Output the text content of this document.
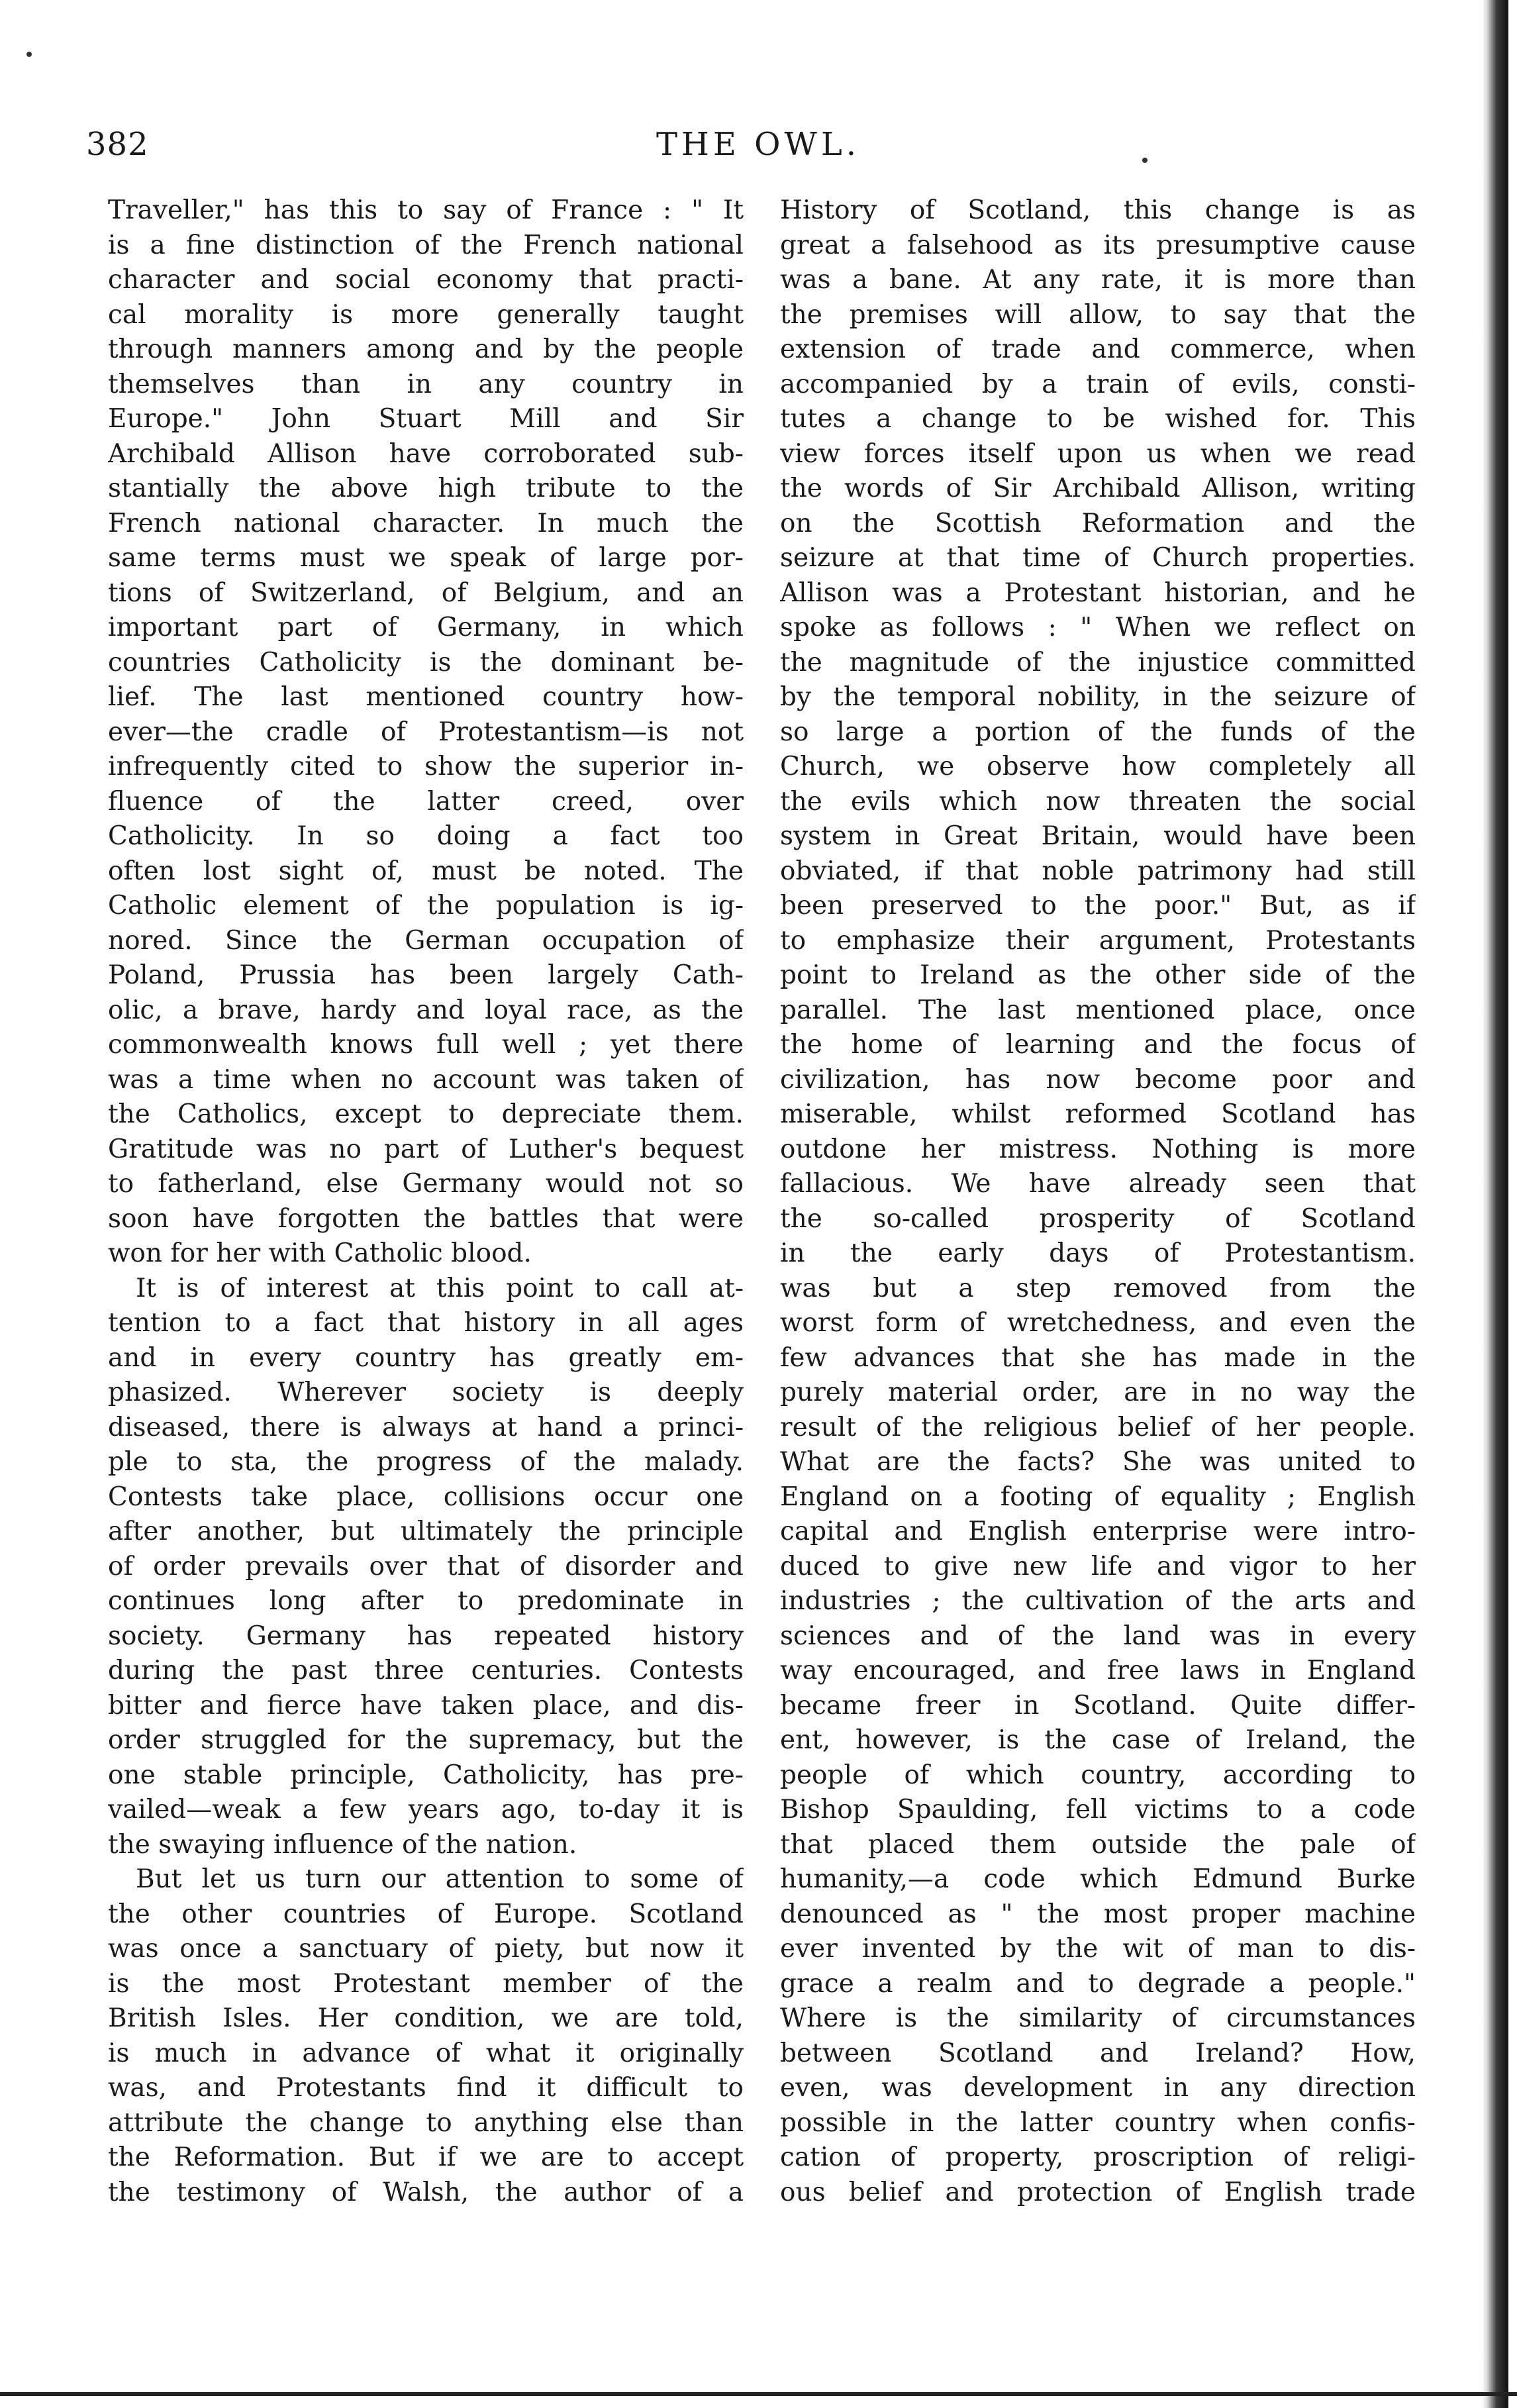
382	THE OWL.
Traveller," has this to say of France : " It
is a fine distinction of the French national
character and social economy that practi-
cal morality is more generally taught
through manners among and by the people
themselves than in any country in
Europe." John Stuart Mill and Sir
Archibald Allison have corroborated sub-
stantially the above high tribute to the
French national character. In much the
same terms must we speak of large por-
tions of Switzerland, of Belgium, and an
important part of Germany, in which
countries Catholicity is the dominant be-
lief. The last mentioned country how-
ever—the cradle of Protestantism—is not
infrequently cited to show the superior in-
fluence of the latter creed, over
Catholicity. In so doing a fact too
often lost sight of, must be noted. The
Catholic element of the population is ig-
nored. Since the German occupation of
Poland, Prussia has been largely Cath-
olic, a brave, hardy and loyal race, as the
commonwealth knows full well ; yet there
was a time when no account was taken of
the Catholics, except to depreciate them.
Gratitude was no part of Luther's bequest
to fatherland, else Germany would not so
soon have forgotten the battles that were
won for her with Catholic blood.
It is of interest at this point to call at-
tention to a fact that history in all ages
and in every country has greatly em-
phasized. Wherever society is deeply
diseased, there is always at hand a princi-
ple to sta, the progress of the malady.
Contests take place, collisions occur one
after another, but ultimately the principle
of order prevails over that of disorder and
continues long after to predominate in
society. Germany has repeated history
during the past three centuries. Contests
bitter and fierce have taken place, and dis-
order struggled for the supremacy, but the
one stable principle, Catholicity, has pre-
vailed—weak a few years ago, to-day it is
the swaying influence of the nation.
But let us turn our attention to some of
the other countries of Europe. Scotland
was once a sanctuary of piety, but now it
is the most Protestant member of the
British Isles. Her condition, we are told,
is much in advance of what it originally
was, and Protestants find it difficult to
attribute the change to anything else than
the Reformation. But if we are to accept
the testimony of Walsh, the author of a
History of Scotland, this change is as
great a falsehood as its presumptive cause
was a bane. At any rate, it is more than
the premises will allow, to say that the
extension of trade and commerce, when
accompanied by a train of evils, consti-
tutes a change to be wished for. This
view forces itself upon us when we read
the words of Sir Archibald Allison, writing
on the Scottish Reformation and the
seizure at that time of Church properties.
Allison was a Protestant historian, and he
spoke as follows : " When we reflect on
the magnitude of the injustice committed
by the temporal nobility, in the seizure of
so large a portion of the funds of the
Church, we observe how completely all
the evils which now threaten the social
system in Great Britain, would have been
obviated, if that noble patrimony had still
been preserved to the poor." But, as if
to emphasize their argument, Protestants
point to Ireland as the other side of the
parallel. The last mentioned place, once
the home of learning and the focus of
civilization, has now become poor and
miserable, whilst reformed Scotland has
outdone her mistress. Nothing is more
fallacious. We have already seen that
the so-called prosperity of Scotland
in the early days of Protestantism.
was but a step removed from the
worst form of wretchedness, and even the
few advances that she has made in the
purely material order, are in no way the
result of the religious belief of her people.
What are the facts? She was united to
England on a footing of equality ; English
capital and English enterprise were intro-
duced to give new life and vigor to her
industries ; the cultivation of the arts and
sciences and of the land was in every
way encouraged, and free laws in England
became freer in Scotland. Quite differ-
ent, however, is the case of Ireland, the
people of which country, according to
Bishop Spaulding, fell victims to a code
that placed them outside the pale of
humanity,—a code which Edmund Burke
denounced as " the most proper machine
ever invented by the wit of man to dis-
grace a realm and to degrade a people."
Where is the similarity of circumstances
between Scotland and Ireland? How,
even, was development in any direction
possible in the latter country when confis-
cation of property, proscription of religi-
ous belief and protection of English trade
